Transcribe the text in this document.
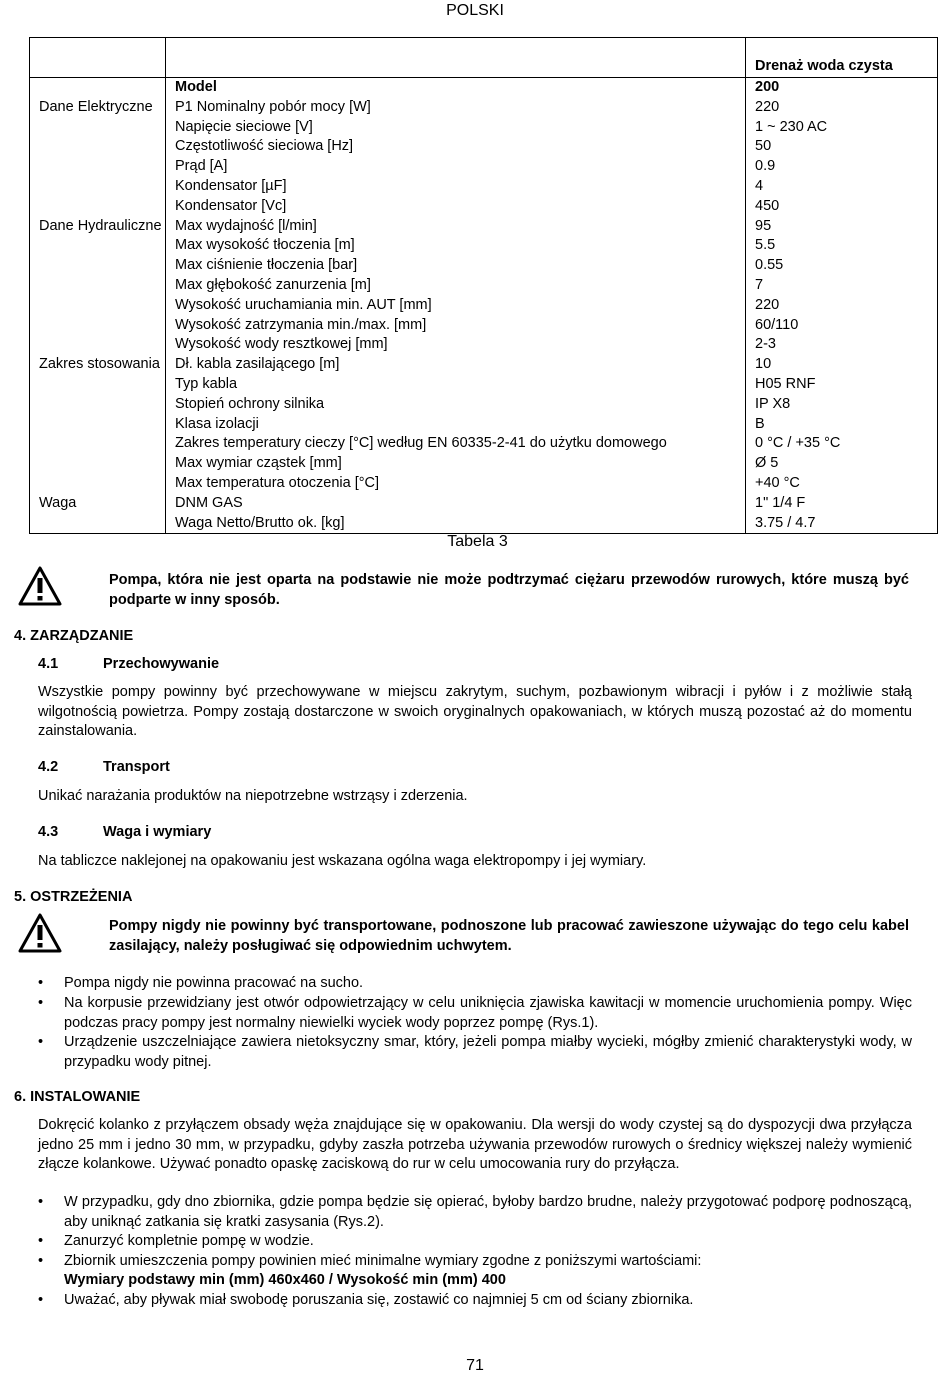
POLSKI
		Drenaż woda czysta
	Model	200
Dane Elektryczne	P1 Nominalny pobór mocy [W]	220
	Napięcie sieciowe [V]	1 ~ 230 AC
	Częstotliwość sieciowa [Hz]	50
	Prąd [A]	0.9
	Kondensator [µF]	4
	Kondensator [Vc]	450
Dane Hydrauliczne	Max wydajność [l/min]	95
	Max wysokość tłoczenia [m]	5.5
	Max ciśnienie tłoczenia [bar]	0.55
	Max głębokość zanurzenia [m]	7
	Wysokość uruchamiania min. AUT [mm]	220
	Wysokość zatrzymania min./max. [mm]	60/110
	Wysokość wody resztkowej [mm]	2-3
Zakres stosowania	Dł. kabla zasilającego [m]	10
	Typ kabla	H05 RNF
	Stopień ochrony silnika	IP X8
	Klasa izolacji	B
	Zakres temperatury cieczy [°C] według EN 60335-2-41 do użytku domowego	0 °C / +35 °C
	Max wymiar cząstek [mm]	Ø 5
	Max temperatura otoczenia [°C]	+40 °C
Waga	DNM GAS	1" 1/4 F
	Waga Netto/Brutto ok. [kg]	3.75 / 4.7
Tabela 3
Pompa, która nie jest oparta na podstawie nie może podtrzymać ciężaru przewodów rurowych, które muszą być podparte w inny sposób.
4. ZARZĄDZANIE
4.1	Przechowywanie
Wszystkie pompy powinny być przechowywane w miejscu zakrytym, suchym, pozbawionym wibracji i pyłów i z możliwie stałą wilgotnością powietrza. Pompy zostają dostarczone w swoich oryginalnych opakowaniach, w których muszą pozostać aż do momentu zainstalowania.
4.2	Transport
Unikać narażania produktów na niepotrzebne wstrząsy i zderzenia.
4.3	Waga i wymiary
Na tabliczce naklejonej na opakowaniu jest wskazana ogólna waga elektropompy i jej wymiary.
5. OSTRZEŻENIA
Pompy nigdy nie powinny być transportowane, podnoszone lub pracować zawieszone używając do tego celu kabel zasilający, należy posługiwać się odpowiednim uchwytem.
• Pompa nigdy nie powinna pracować na sucho.
• Na korpusie przewidziany jest otwór odpowietrzający w celu uniknięcia zjawiska kawitacji w momencie uruchomienia pompy. Więc podczas pracy pompy jest normalny niewielki wyciek wody poprzez pompę (Rys.1).
• Urządzenie uszczelniające zawiera nietoksyczny smar, który, jeżeli pompa miałby wycieki, mógłby zmienić charakterystyki wody, w przypadku wody pitnej.
6. INSTALOWANIE
Dokręcić kolanko z przyłączem obsady węża znajdujące się w opakowaniu. Dla wersji do wody czystej są do dyspozycji dwa przyłącza jedno 25 mm i jedno 30 mm, w przypadku, gdyby zaszła potrzeba używania przewodów rurowych o średnicy większej należy wymienić złącze kolankowe. Używać ponadto opaskę zaciskową do rur w celu umocowania rury do przyłącza.
• W przypadku, gdy dno zbiornika, gdzie pompa będzie się opierać, byłoby bardzo brudne, należy przygotować podporę podnoszącą, aby uniknąć zatkania się kratki zasysania (Rys.2).
• Zanurzyć kompletnie pompę w wodzie.
• Zbiornik umieszczenia pompy powinien mieć minimalne wymiary zgodne z poniższymi wartościami:
Wymiary podstawy min (mm) 460x460 / Wysokość min (mm) 400
• Uważać, aby pływak miał swobodę poruszania się, zostawić co najmniej 5 cm od ściany zbiornika.
71
